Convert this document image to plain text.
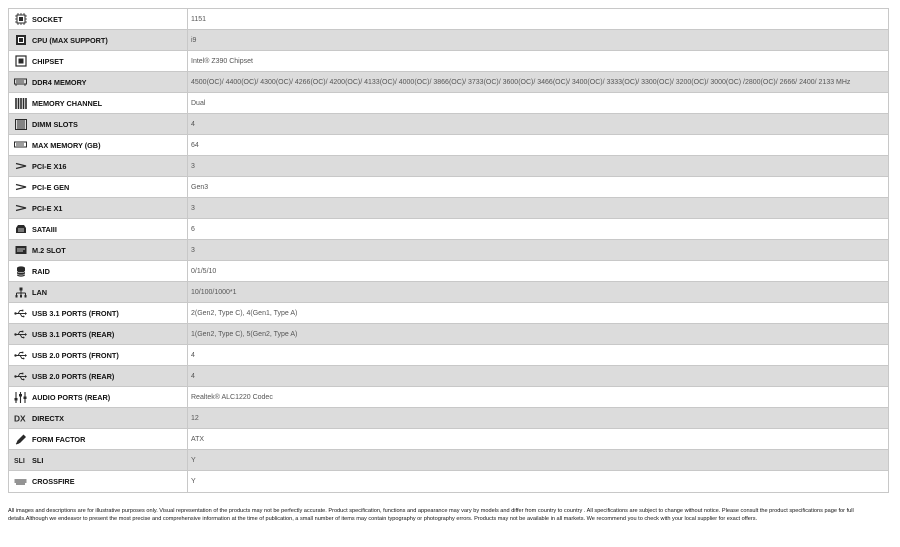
SOCKET	1151
CPU (MAX SUPPORT)	i9
CHIPSET	Intel® Z390 Chipset
DDR4 MEMORY	4500(OC)/ 4400(OC)/ 4300(OC)/ 4266(OC)/ 4200(OC)/ 4133(OC)/ 4000(OC)/ 3866(OC)/ 3733(OC)/ 3600(OC)/ 3466(OC)/ 3400(OC)/ 3333(OC)/ 3300(OC)/ 3200(OC)/ 3000(OC) /2800(OC)/ 2666/ 2400/ 2133 MHz
MEMORY CHANNEL	Dual
DIMM SLOTS	4
MAX MEMORY (GB)	64
PCI-E X16	3
PCI-E GEN	Gen3
PCI-E X1	3
SATAIII	6
M.2 SLOT	3
RAID	0/1/5/10
LAN	10/100/1000*1
USB 3.1 PORTS (FRONT)	2(Gen2, Type C), 4(Gen1, Type A)
USB 3.1 PORTS (REAR)	1(Gen2, Type C), 5(Gen2, Type A)
USB 2.0 PORTS (FRONT)	4
USB 2.0 PORTS (REAR)	4
AUDIO PORTS (REAR)	Realtek® ALC1220 Codec
DX DIRECTX	12
FORM FACTOR	ATX
SLI SLI	Y
CROSSFIRE	Y
All images and descriptions are for illustrative purposes only. Visual representation of the products may not be perfectly accurate. Product specification, functions and appearance may vary by models and differ from country to country . All specifications are subject to change without notice. Please consult the product specifications page for full details.Although we endeavor to present the most precise and comprehensive information at the time of publication, a small number of items may contain typography or photography errors. Products may not be available in all markets. We recommend you to check with your local supplier for exact offers.
